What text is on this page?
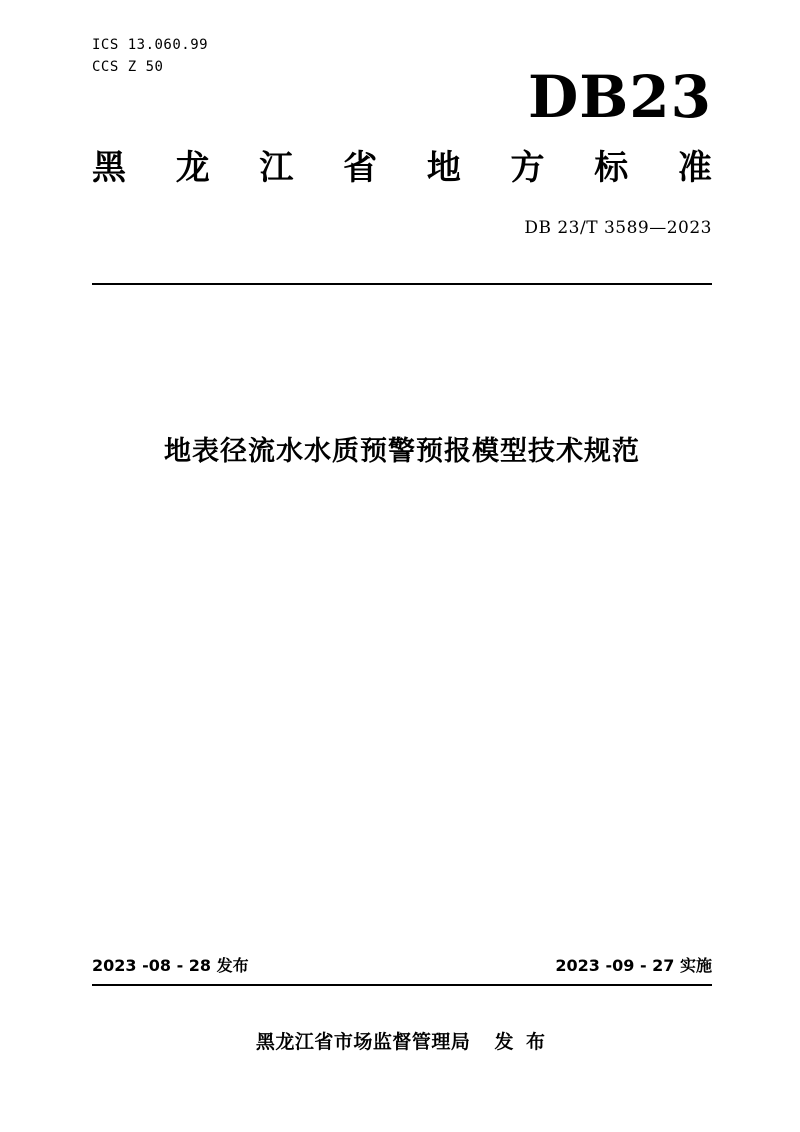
ICS 13.060.99
CCS Z 50	DB23
黑 龙 江 省 地 方 标 准
DB 23/T 3589—2023
地表径流水水质预警预报模型技术规范
2023 -08 - 28 发布	2023 -09 - 27 实施
黑龙江省市场监督管理局 发 布
